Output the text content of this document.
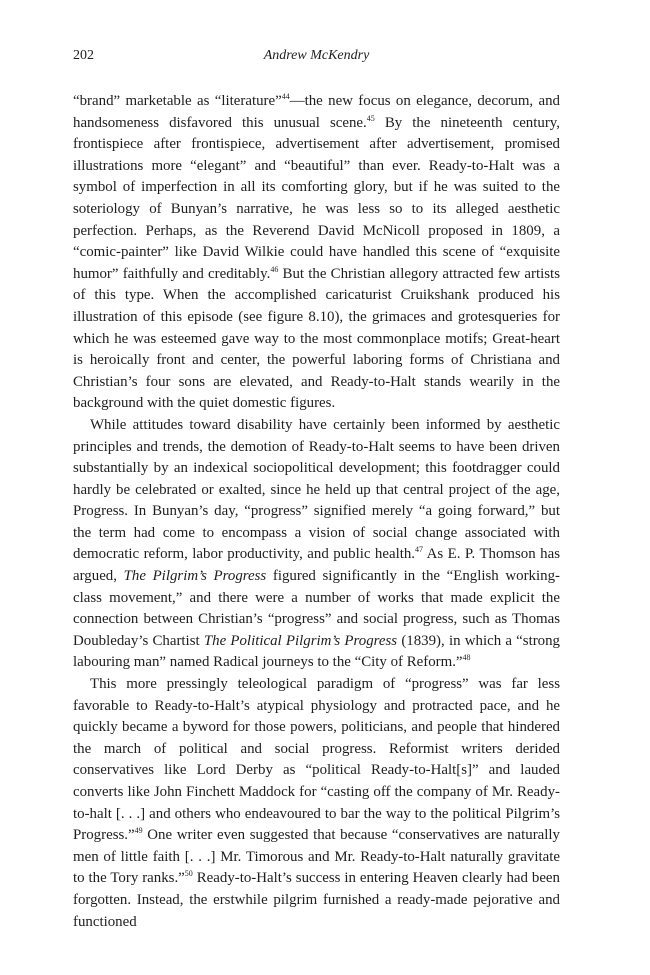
202	Andrew McKendry

“brand” marketable as “literature”$^{44}$—the new focus on elegance, decorum, and handsomeness disfavored this unusual scene.$^{45}$ By the nineteenth century, frontispiece after frontispiece, advertisement after advertisement, promised illustrations more “elegant” and “beautiful” than ever. Ready-to-Halt was a symbol of imperfection in all its comforting glory, but if he was suited to the soteriology of Bunyan’s narrative, he was less so to its alleged aesthetic perfection. Perhaps, as the Reverend David McNicoll proposed in 1809, a “comic-painter” like David Wilkie could have handled this scene of “exquisite humor” faithfully and creditably.$^{46}$ But the Christian allegory attracted few artists of this type. When the accomplished caricaturist Cruikshank produced his illustration of this episode (see figure 8.10), the grimaces and grotesqueries for which he was esteemed gave way to the most commonplace motifs; Great-heart is heroically front and center, the powerful laboring forms of Christiana and Christian’s four sons are elevated, and Ready-to-Halt stands wearily in the background with the quiet domestic figures.

While attitudes toward disability have certainly been informed by aesthetic principles and trends, the demotion of Ready-to-Halt seems to have been driven substantially by an indexical sociopolitical development; this footdragger could hardly be celebrated or exalted, since he held up that central project of the age, Progress. In Bunyan’s day, “progress” signified merely “a going forward,” but the term had come to encompass a vision of social change associated with democratic reform, labor productivity, and public health.$^{47}$ As E. P. Thomson has argued, The Pilgrim’s Progress figured significantly in the “English working-class movement,” and there were a number of works that made explicit the connection between Christian’s “progress” and social progress, such as Thomas Doubleday’s Chartist The Political Pilgrim’s Progress (1839), in which a “strong labouring man” named Radical journeys to the “City of Reform.”$^{48}$

This more pressingly teleological paradigm of “progress” was far less favorable to Ready-to-Halt’s atypical physiology and protracted pace, and he quickly became a byword for those powers, politicians, and people that hindered the march of political and social progress. Reformist writers derided conservatives like Lord Derby as “political Ready-to-Halt[s]” and lauded converts like John Finchett Maddock for “casting off the company of Mr. Ready-to-halt [. . .] and others who endeavoured to bar the way to the political Pilgrim’s Progress.”$^{49}$ One writer even suggested that because “conservatives are naturally men of little faith [. . .] Mr. Timorous and Mr. Ready-to-Halt naturally gravitate to the Tory ranks.”$^{50}$ Ready-to-Halt’s success in entering Heaven clearly had been forgotten. Instead, the erstwhile pilgrim furnished a ready-made pejorative and functioned
